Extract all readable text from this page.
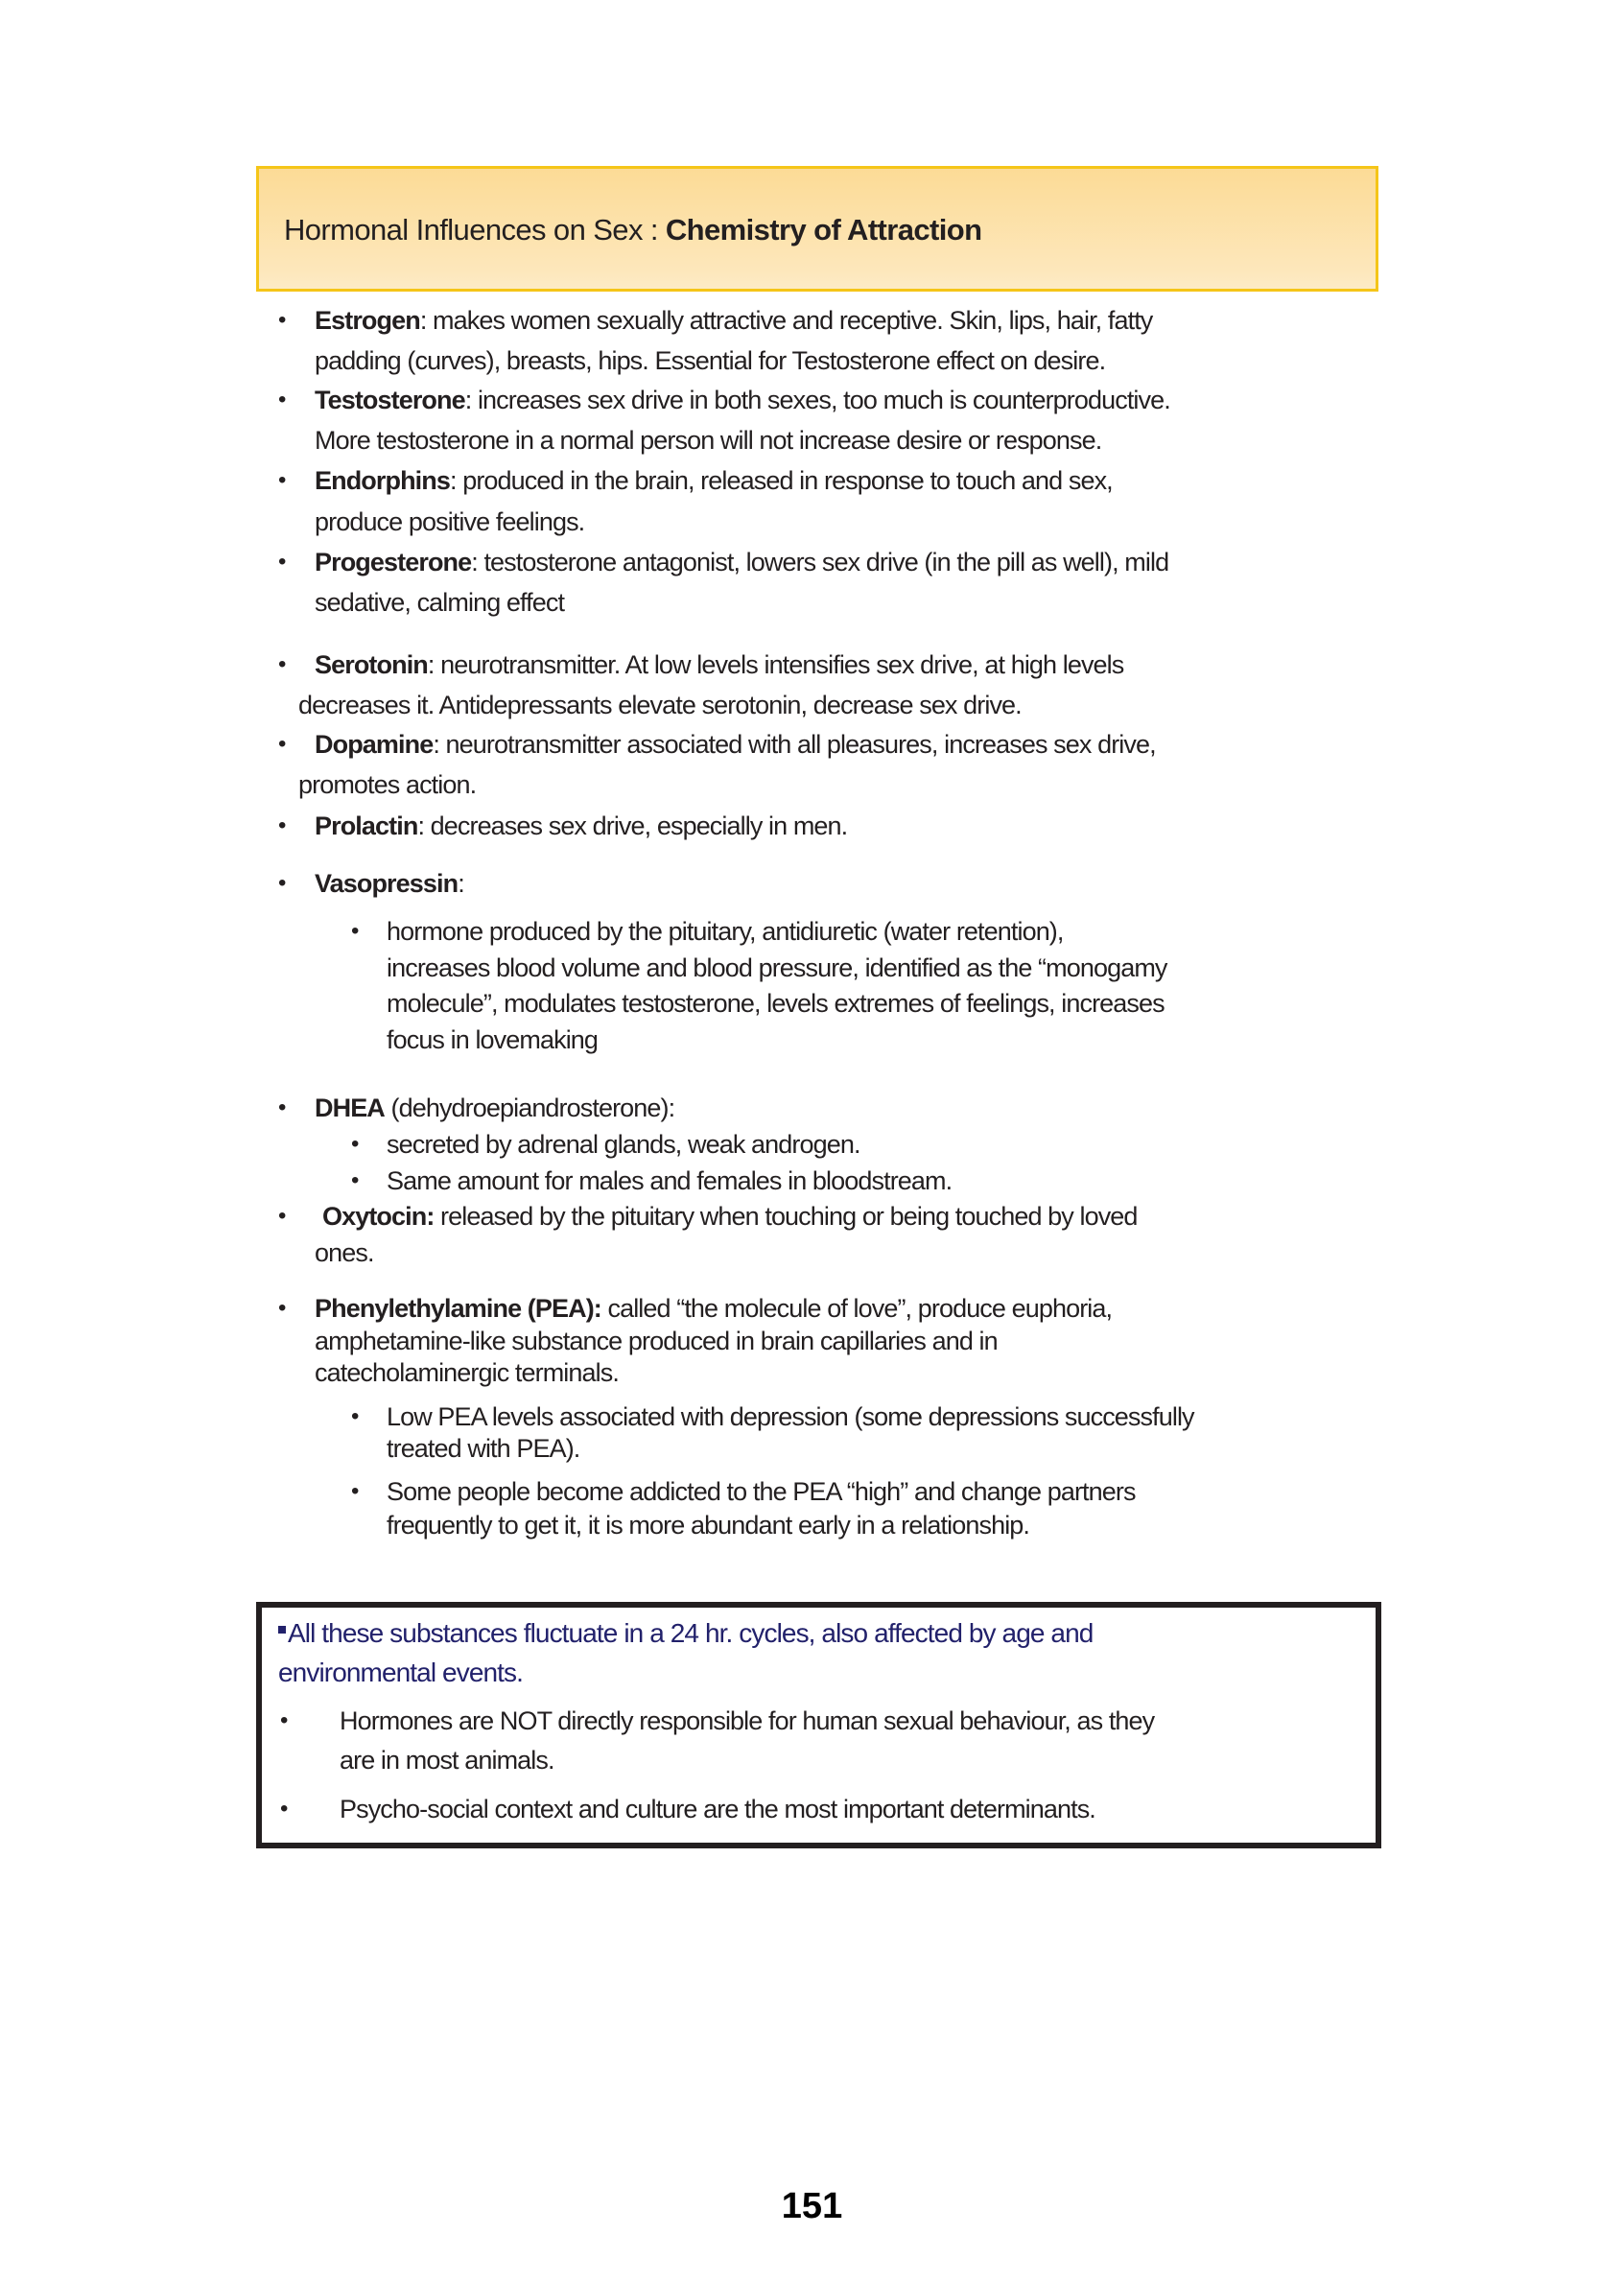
Hormonal Influences on Sex : Chemistry of Attraction
• Estrogen: makes women sexually attractive and receptive. Skin, lips, hair, fatty
padding (curves), breasts, hips. Essential for Testosterone effect on desire.
• Testosterone: increases sex drive in both sexes, too much is counterproductive.
More testosterone in a normal person will not increase desire or response.
• Endorphins: produced in the brain, released in response to touch and sex,
produce positive feelings.
• Progesterone: testosterone antagonist, lowers sex drive (in the pill as well), mild
sedative, calming effect
• Serotonin: neurotransmitter. At low levels intensifies sex drive, at high levels
decreases it. Antidepressants elevate serotonin, decrease sex drive.
• Dopamine: neurotransmitter associated with all pleasures, increases sex drive,
promotes action.
• Prolactin: decreases sex drive, especially in men.
• Vasopressin:
• hormone produced by the pituitary, antidiuretic (water retention),
increases blood volume and blood pressure, identified as the “monogamy
molecule”, modulates testosterone, levels extremes of feelings, increases
focus in lovemaking
• DHEA (dehydroepiandrosterone):
• secreted by adrenal glands, weak androgen.
• Same amount for males and females in bloodstream.
• Oxytocin: released by the pituitary when touching or being touched by loved
ones.
• Phenylethylamine (PEA): called “the molecule of love”, produce euphoria,
amphetamine-like substance produced in brain capillaries and in
catecholaminergic terminals.
• Low PEA levels associated with depression (some depressions successfully
treated with PEA).
• Some people become addicted to the PEA “high” and change partners
frequently to get it, it is more abundant early in a relationship.
All these substances fluctuate in a 24 hr. cycles, also affected by age and
environmental events.
• Hormones are NOT directly responsible for human sexual behaviour, as they
are in most animals.
• Psycho-social context and culture are the most important determinants.
151
